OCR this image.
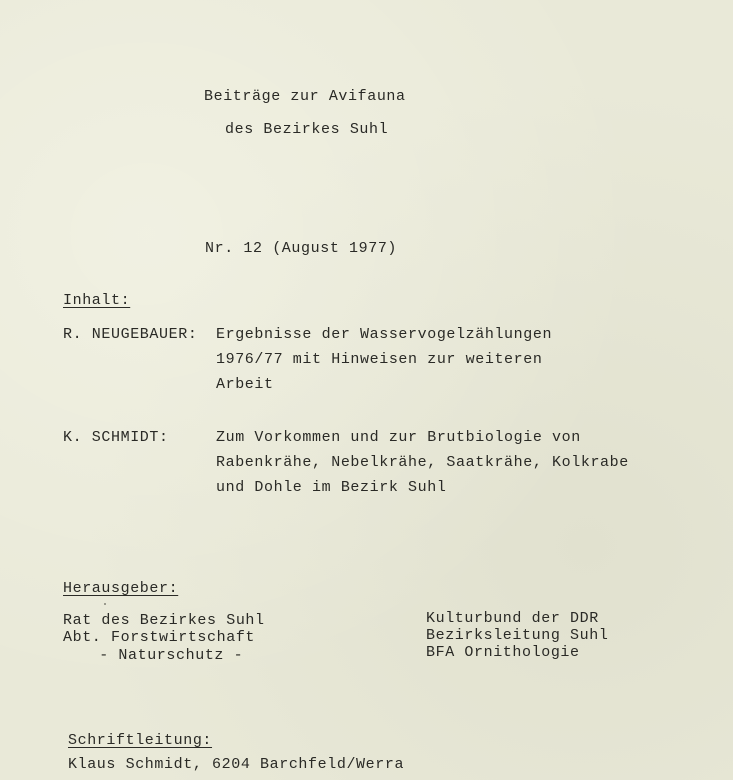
Beiträge zur Avifauna
des Bezirkes Suhl
Nr. 12 (August 1977)
Inhalt:
R. NEUGEBAUER: Ergebnisse der Wasservogelzählungen
1976/77 mit Hinweisen zur weiteren
Arbeit
K. SCHMIDT:	Zum Vorkommen und zur Brutbiologie von
Rabenkrähe, Nebelkrähe, Saatkrähe, Kolkrabe
und Dohle im Bezirk Suhl
Herausgeber:
Rat des Bezirkes Suhl
Abt. Forstwirtschaft
- Naturschutz -
Kulturbund der DDR
Bezirksleitung Suhl
BFA Ornithologie
Schriftleitung:
Klaus Schmidt, 6204 Barchfeld/Werra
